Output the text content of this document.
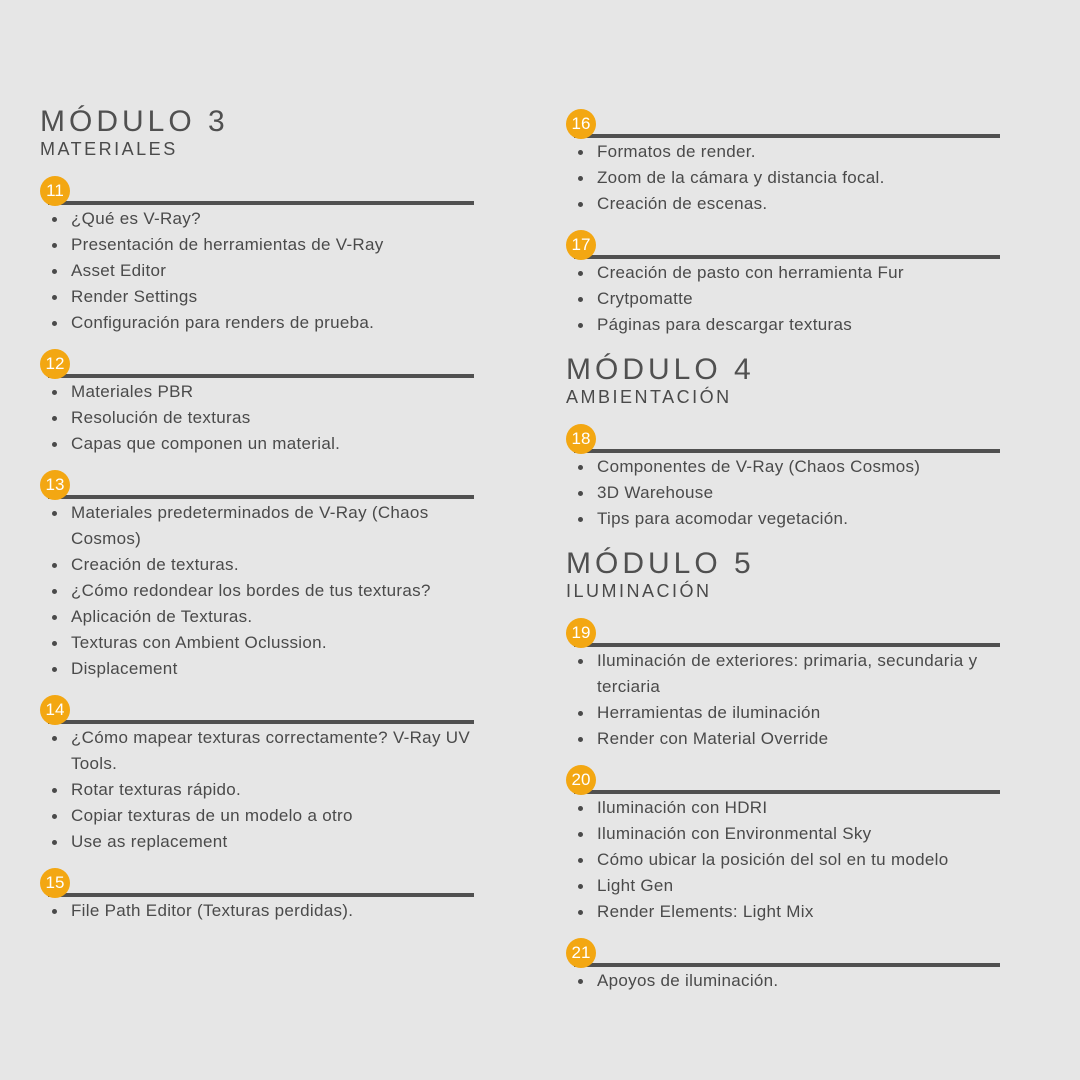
MÓDULO 3
MATERIALES
11
¿Qué es V-Ray?
Presentación de herramientas de V-Ray
Asset Editor
Render Settings
Configuración para renders de prueba.
12
Materiales PBR
Resolución de texturas
Capas que componen un material.
13
Materiales predeterminados de V-Ray (Chaos Cosmos)
Creación de texturas.
¿Cómo redondear los bordes de tus texturas?
Aplicación de Texturas.
Texturas con Ambient Oclussion.
Displacement
14
¿Cómo mapear texturas correctamente? V-Ray UV Tools.
Rotar texturas rápido.
Copiar texturas de un modelo a otro
Use as replacement
15
File Path Editor (Texturas perdidas).
16
Formatos de render.
Zoom de la cámara y distancia focal.
Creación de escenas.
17
Creación de pasto con herramienta Fur
Crytpomatte
Páginas para descargar texturas
MÓDULO 4
AMBIENTACIÓN
18
Componentes de V-Ray (Chaos Cosmos)
3D Warehouse
Tips para acomodar vegetación.
MÓDULO 5
ILUMINACIÓN
19
Iluminación de exteriores: primaria, secundaria y terciaria
Herramientas de iluminación
Render con Material Override
20
Iluminación con HDRI
Iluminación con Environmental Sky
Cómo ubicar la posición del sol en tu modelo
Light Gen
Render Elements: Light Mix
21
Apoyos de iluminación.
